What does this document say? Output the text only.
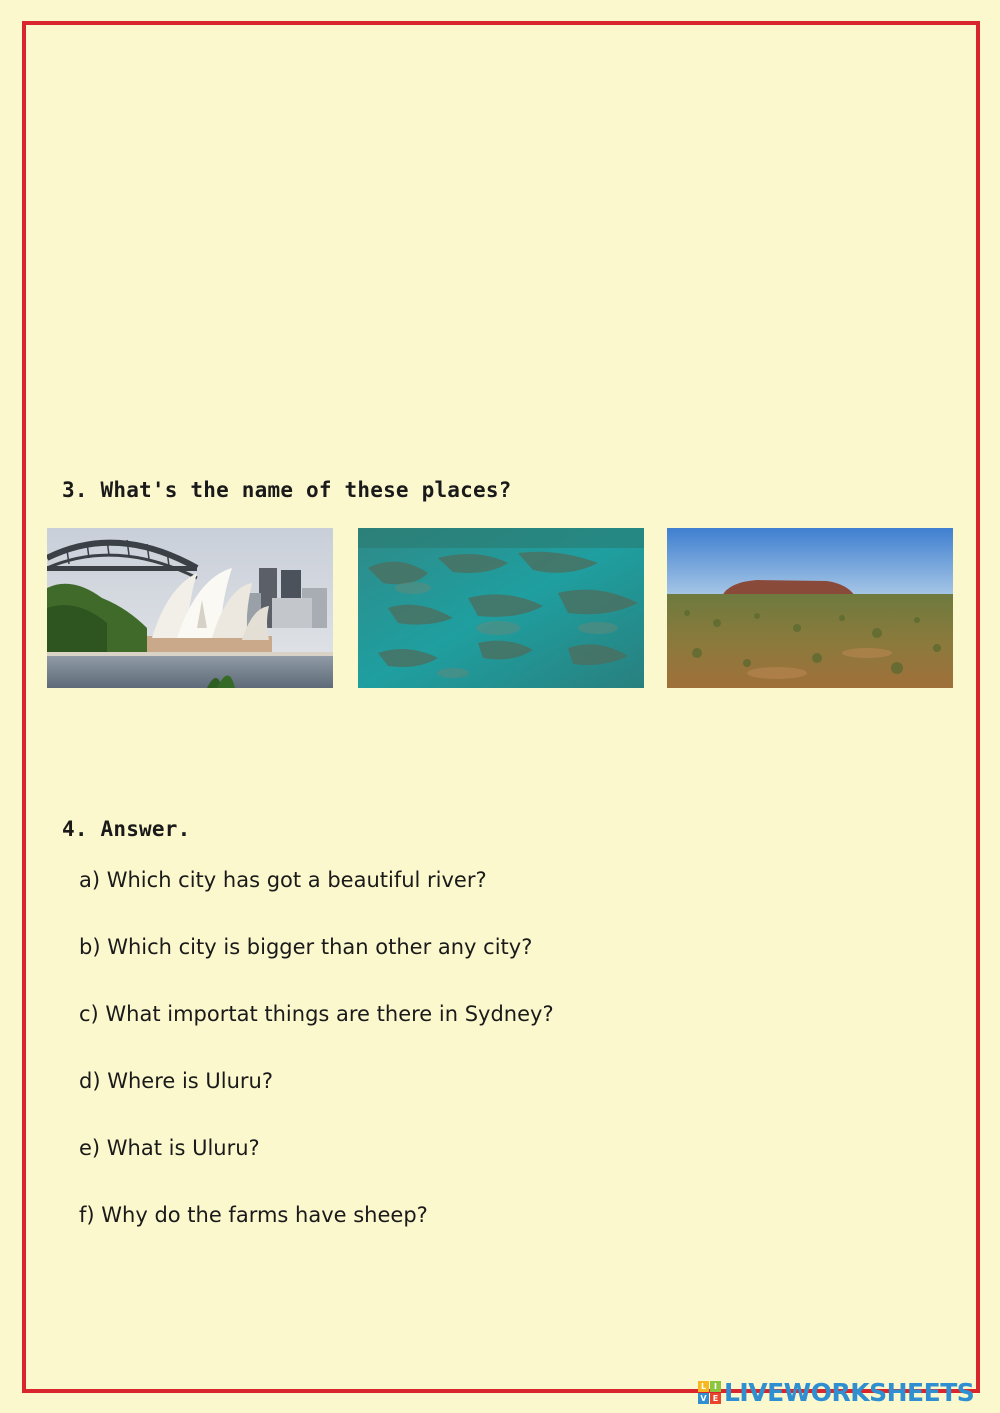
3. What's the name of these places?
4. Answer.
a) Which city has got a beautiful river?
b) Which city is bigger than other any city?
c) What importat things are there in Sydney?
d) Where is Uluru?
e) What is Uluru?
f) Why do the farms have sheep?
L I
V E LIVEWORKSHEETS
